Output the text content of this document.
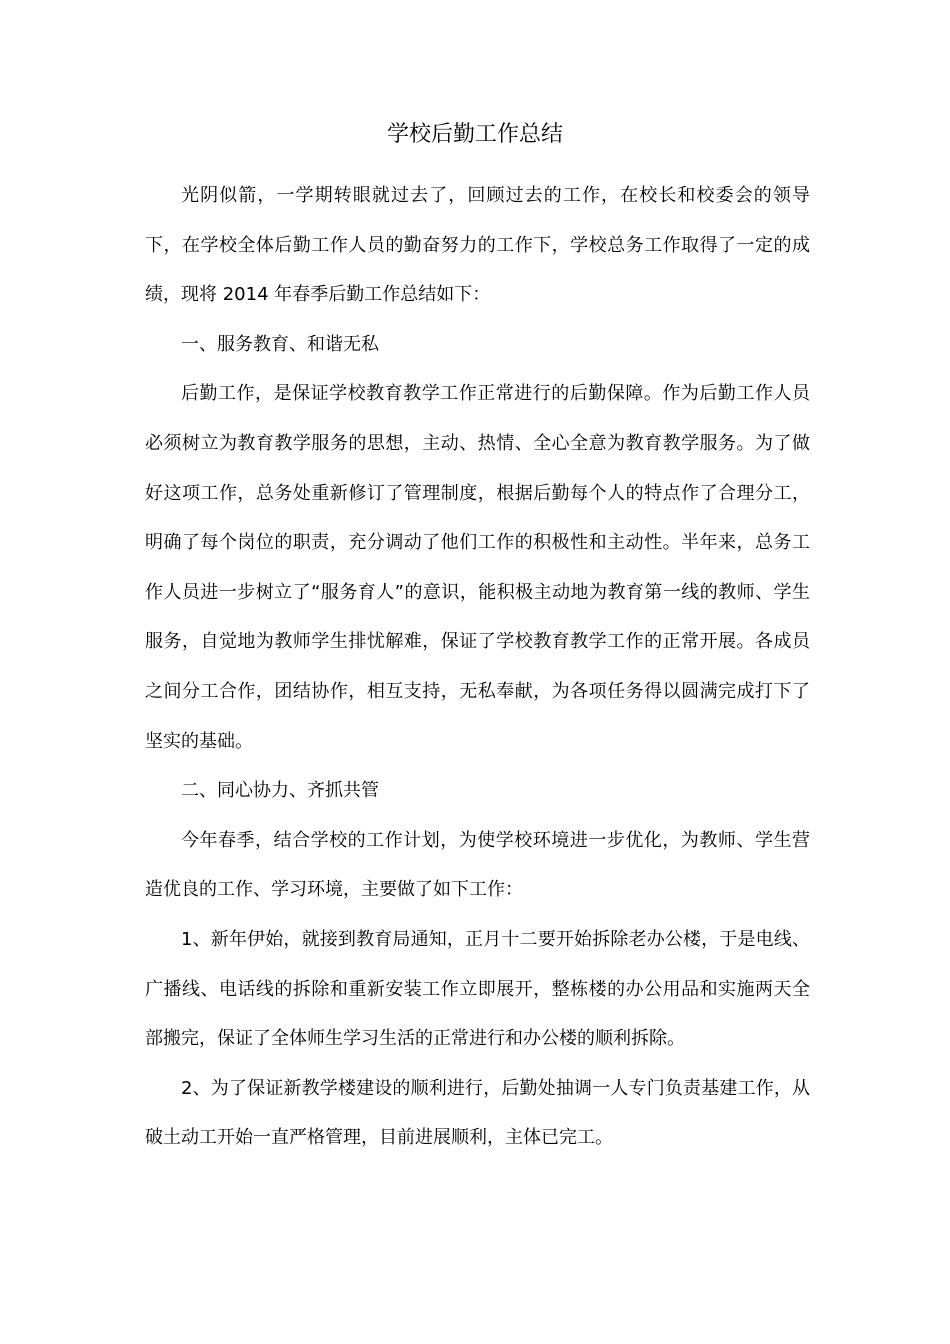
学校后勤工作总结

光阴似箭，一学期转眼就过去了，回顾过去的工作，在校长和校委会的领导下，在学校全体后勤工作人员的勤奋努力的工作下，学校总务工作取得了一定的成绩，现将 2014 年春季后勤工作总结如下：

一、服务教育、和谐无私

后勤工作，是保证学校教育教学工作正常进行的后勤保障。作为后勤工作人员必须树立为教育教学服务的思想，主动、热情、全心全意为教育教学服务。为了做好这项工作，总务处重新修订了管理制度，根据后勤每个人的特点作了合理分工，明确了每个岗位的职责，充分调动了他们工作的积极性和主动性。半年来，总务工作人员进一步树立了“服务育人”的意识，能积极主动地为教育第一线的教师、学生服务，自觉地为教师学生排忧解难，保证了学校教育教学工作的正常开展。各成员之间分工合作，团结协作，相互支持，无私奉献，为各项任务得以圆满完成打下了坚实的基础。

二、同心协力、齐抓共管

今年春季，结合学校的工作计划，为使学校环境进一步优化，为教师、学生营造优良的工作、学习环境，主要做了如下工作：

1、新年伊始，就接到教育局通知，正月十二要开始拆除老办公楼，于是电线、广播线、电话线的拆除和重新安装工作立即展开，整栋楼的办公用品和实施两天全部搬完，保证了全体师生学习生活的正常进行和办公楼的顺利拆除。

2、为了保证新教学楼建设的顺利进行，后勤处抽调一人专门负责基建工作，从破土动工开始一直严格管理，目前进展顺利，主体已完工。
